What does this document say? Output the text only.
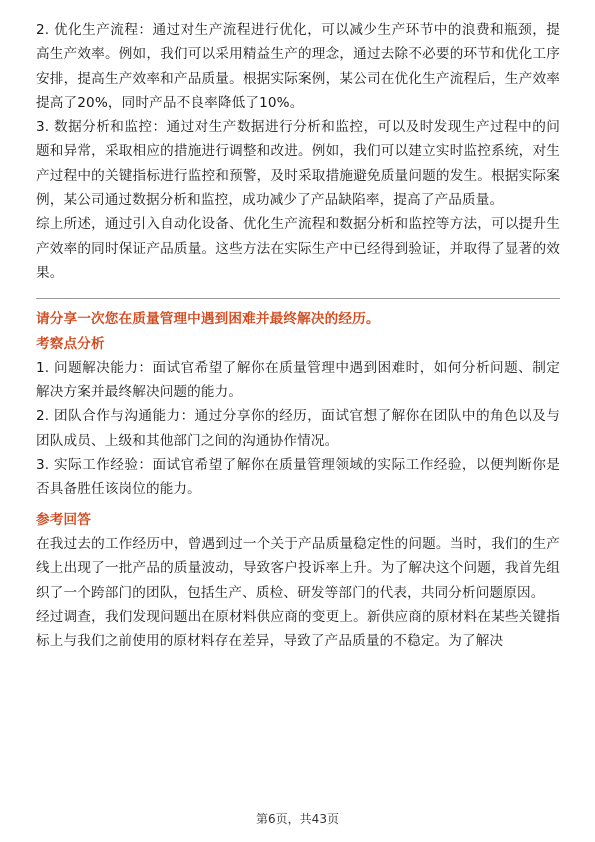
2. 优化生产流程：通过对生产流程进行优化，可以减少生产环节中的浪费和瓶颈，提高生产效率。例如，我们可以采用精益生产的理念，通过去除不必要的环节和优化工序安排，提高生产效率和产品质量。根据实际案例，某公司在优化生产流程后，生产效率提高了20%，同时产品不良率降低了10%。

3. 数据分析和监控：通过对生产数据进行分析和监控，可以及时发现生产过程中的问题和异常，采取相应的措施进行调整和改进。例如，我们可以建立实时监控系统，对生产过程中的关键指标进行监控和预警，及时采取措施避免质量问题的发生。根据实际案例，某公司通过数据分析和监控，成功减少了产品缺陷率，提高了产品质量。

综上所述，通过引入自动化设备、优化生产流程和数据分析和监控等方法，可以提升生产效率的同时保证产品质量。这些方法在实际生产中已经得到验证，并取得了显著的效果。

请分享一次您在质量管理中遇到困难并最终解决的经历。

考察点分析

1. 问题解决能力：面试官希望了解你在质量管理中遇到困难时，如何分析问题、制定解决方案并最终解决问题的能力。

2. 团队合作与沟通能力：通过分享你的经历，面试官想了解你在团队中的角色以及与团队成员、上级和其他部门之间的沟通协作情况。

3. 实际工作经验：面试官希望了解你在质量管理领域的实际工作经验，以便判断你是否具备胜任该岗位的能力。

参考回答

在我过去的工作经历中，曾遇到过一个关于产品质量稳定性的问题。当时，我们的生产线上出现了一批产品的质量波动，导致客户投诉率上升。为了解决这个问题，我首先组织了一个跨部门的团队，包括生产、质检、研发等部门的代表，共同分析问题原因。

经过调查，我们发现问题出在原材料供应商的变更上。新供应商的原材料在某些关键指标上与我们之前使用的原材料存在差异，导致了产品质量的不稳定。为了解决

第6页，共43页
